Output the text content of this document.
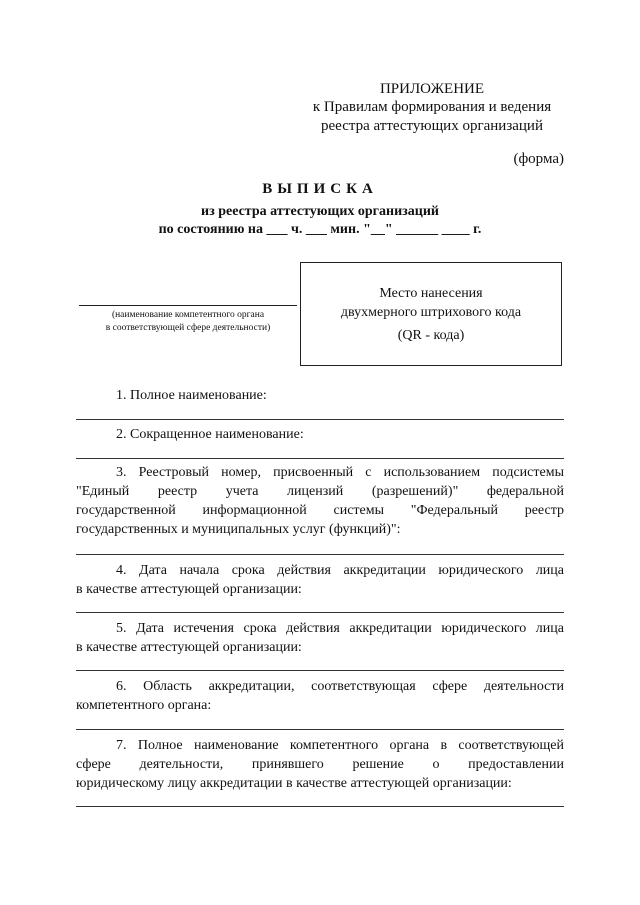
ПРИЛОЖЕНИЕ
к Правилам формирования и ведения
реестра аттестующих организаций
(форма)
ВЫПИСКА
из реестра аттестующих организаций
по состоянию на ___ ч. ___ мин. "__" ______ ____ г.
(наименование компетентного органа
в соответствующей сфере деятельности)
Место нанесения
двухмерного штрихового кода
(QR - кода)
1. Полное наименование:
2. Сокращенное наименование:
3. Реестровый номер, присвоенный с использованием подсистемы
"Единый реестр учета лицензий (разрешений)" федеральной
государственной информационной системы "Федеральный реестр
государственных и муниципальных услуг (функций)":
4. Дата начала срока действия аккредитации юридического лица
в качестве аттестующей организации:
5. Дата истечения срока действия аккредитации юридического лица
в качестве аттестующей организации:
6. Область аккредитации, соответствующая сфере деятельности
компетентного органа:
7. Полное наименование компетентного органа в соответствующей
сфере деятельности, принявшего решение о предоставлении
юридическому лицу аккредитации в качестве аттестующей организации:
